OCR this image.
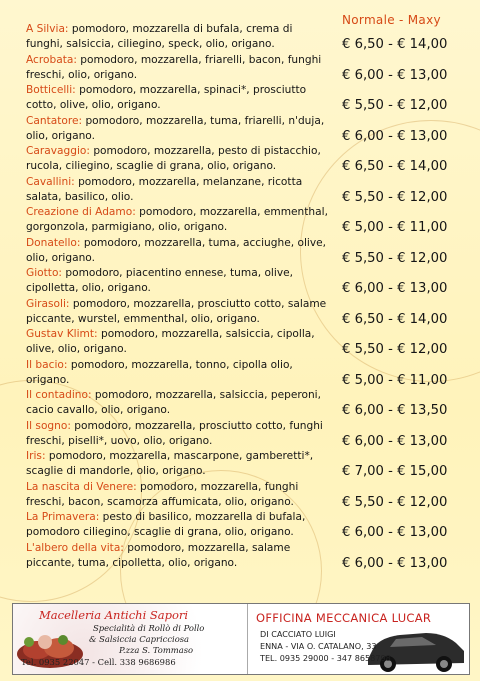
Normale - Maxy
A Silvia: pomodoro, mozzarella di bufala, crema di funghi, salsiccia, ciliegino, speck, olio, origano.	€ 6,50 - € 14,00
Acrobata: pomodoro, mozzarella, friarelli, bacon, funghi freschi, olio, origano.	€ 6,00 - € 13,00
Botticelli: pomodoro, mozzarella, spinaci*, prosciutto cotto, olive, olio, origano.	€ 5,50 - € 12,00
Cantatore: pomodoro, mozzarella, tuma, friarelli, n'duja, olio, origano.	€ 6,00 - € 13,00
Caravaggio: pomodoro, mozzarella, pesto di pistacchio, rucola, ciliegino, scaglie di grana, olio, origano.	€ 6,50 - € 14,00
Cavallini: pomodoro, mozzarella, melanzane, ricotta salata, basilico, olio.	€ 5,50 - € 12,00
Creazione di Adamo: pomodoro, mozzarella, emmenthal, gorgonzola, parmigiano, olio, origano.	€ 5,00 - € 11,00
Donatello: pomodoro, mozzarella, tuma, acciughe, olive, olio, origano.	€ 5,50 - € 12,00
Giotto: pomodoro, piacentino ennese, tuma, olive, cipolletta, olio, origano.	€ 6,00 - € 13,00
Girasoli: pomodoro, mozzarella, prosciutto cotto, salame piccante, wurstel, emmenthal, olio, origano.	€ 6,50 - € 14,00
Gustav Klimt: pomodoro, mozzarella, salsiccia, cipolla, olive, olio, origano.	€ 5,50 - € 12,00
Il bacio: pomodoro, mozzarella, tonno, cipolla olio, origano.	€ 5,00 - € 11,00
Il contadino: pomodoro, mozzarella, salsiccia, peperoni, cacio cavallo, olio, origano.	€ 6,00 - € 13,50
Il sogno: pomodoro, mozzarella, prosciutto cotto, funghi freschi, piselli*, uovo, olio, origano.	€ 6,00 - € 13,00
Iris: pomodoro, mozzarella, mascarpone, gamberetti*, scaglie di mandorle, olio, origano.	€ 7,00 - € 15,00
La nascita di Venere: pomodoro, mozzarella, funghi freschi, bacon, scamorza affumicata, olio, origano.	€ 5,50 - € 12,00
La Primavera: pesto di basilico, mozzarella di bufala, pomodoro ciliegino, scaglie di grana, olio, origano.	€ 6,00 - € 13,00
L'albero della vita: pomodoro, mozzarella, salame piccante, tuma, cipolletta, olio, origano.	€ 6,00 - € 13,00
Macelleria Antichi Sapori
Specialità di Rollò di Pollo
& Salsiccia Capricciosa
P.zza S. Tommaso
Tel. 0935 22047 - Cell. 338 9686986
OFFICINA MECCANICA LUCAR
DI CACCIATO LUIGI
ENNA - VIA O. CATALANO, 33
TEL. 0935 29000 - 347 8658798
